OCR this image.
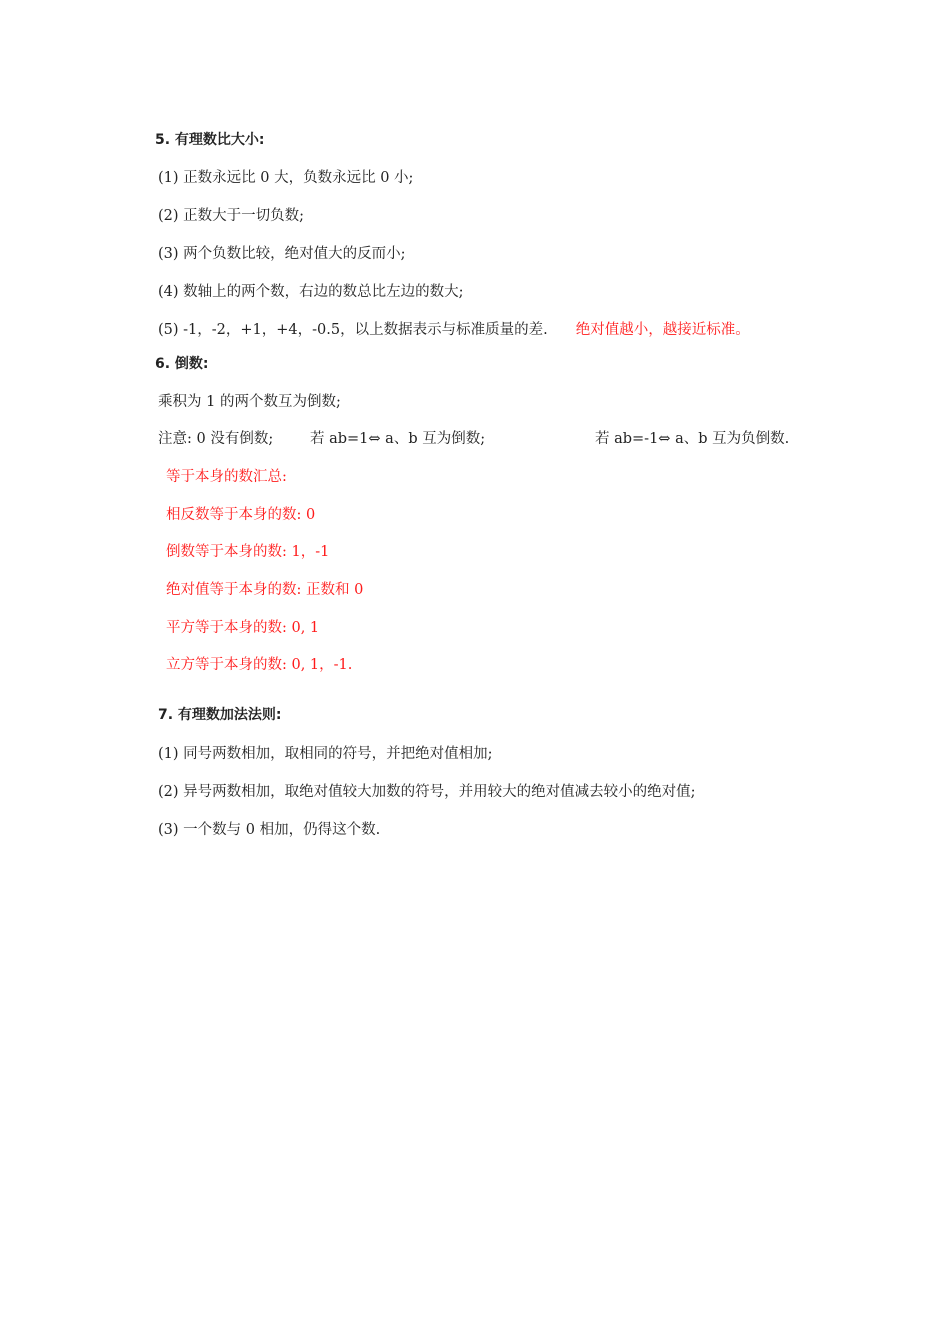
5. 有理数比大小:
(1) 正数永远比 0 大，负数永远比 0 小;
(2) 正数大于一切负数;
(3) 两个负数比较，绝对值大的反而小;
(4) 数轴上的两个数，右边的数总比左边的数大;
(5) -1，-2，+1，+4，-0.5，以上数据表示与标准质量的差. 绝对值越小，越接近标准。
6. 倒数:
乘积为 1 的两个数互为倒数;
注意: 0 没有倒数;	若 ab=1⇔ a、b 互为倒数;	若 ab=-1⇔ a、b 互为负倒数.
等于本身的数汇总:
相反数等于本身的数: 0
倒数等于本身的数: 1，-1
绝对值等于本身的数: 正数和 0
平方等于本身的数: 0, 1
立方等于本身的数: 0, 1，-1.
7. 有理数加法法则:
(1) 同号两数相加，取相同的符号，并把绝对值相加;
(2) 异号两数相加，取绝对值较大加数的符号，并用较大的绝对值减去较小的绝对值;
(3) 一个数与 0 相加，仍得这个数.
